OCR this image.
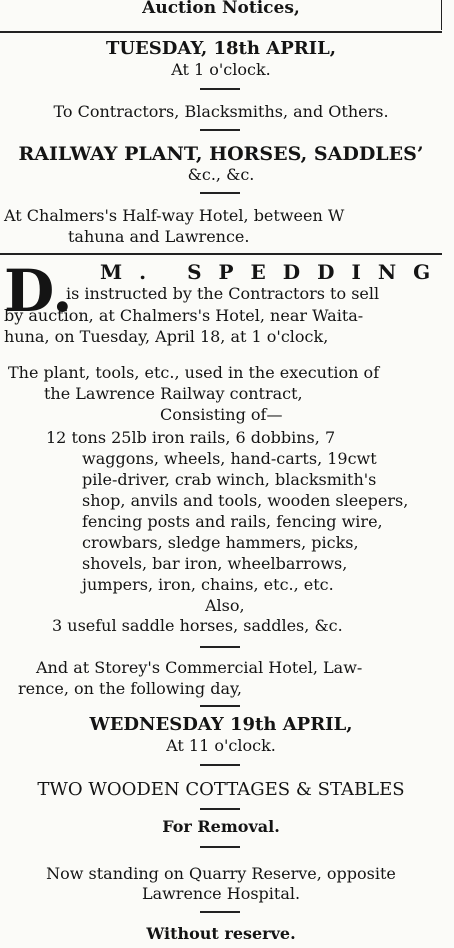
Auction Notices,
TUESDAY, 18th APRIL,
At 1 o'clock.
To Contractors, Blacksmiths, and Others.
RAILWAY PLANT, HORSES, SADDLES’
&c., &c.
At Chalmers's Half-way Hotel, between W
tahuna and Lawrence.
D. M. SPEDDING
is instructed by the Contractors to sell
by auction, at Chalmers's Hotel, near Waita-
huna, on Tuesday, April 18, at 1 o'clock,
The plant, tools, etc., used in the execution of
the Lawrence Railway contract,
Consisting of—
12 tons 25lb iron rails, 6 dobbins, 7
waggons, wheels, hand-carts, 19cwt
pile-driver, crab winch, blacksmith's
shop, anvils and tools, wooden sleepers,
fencing posts and rails, fencing wire,
crowbars, sledge hammers, picks,
shovels, bar iron, wheelbarrows,
jumpers, iron, chains, etc., etc.
Also,
3 useful saddle horses, saddles, &c.
And at Storey's Commercial Hotel, Law-
rence, on the following day,
WEDNESDAY 19th APRIL,
At 11 o'clock.
TWO WOODEN COTTAGES & STABLES
For Removal.
Now standing on Quarry Reserve, opposite
Lawrence Hospital.
Without reserve.
